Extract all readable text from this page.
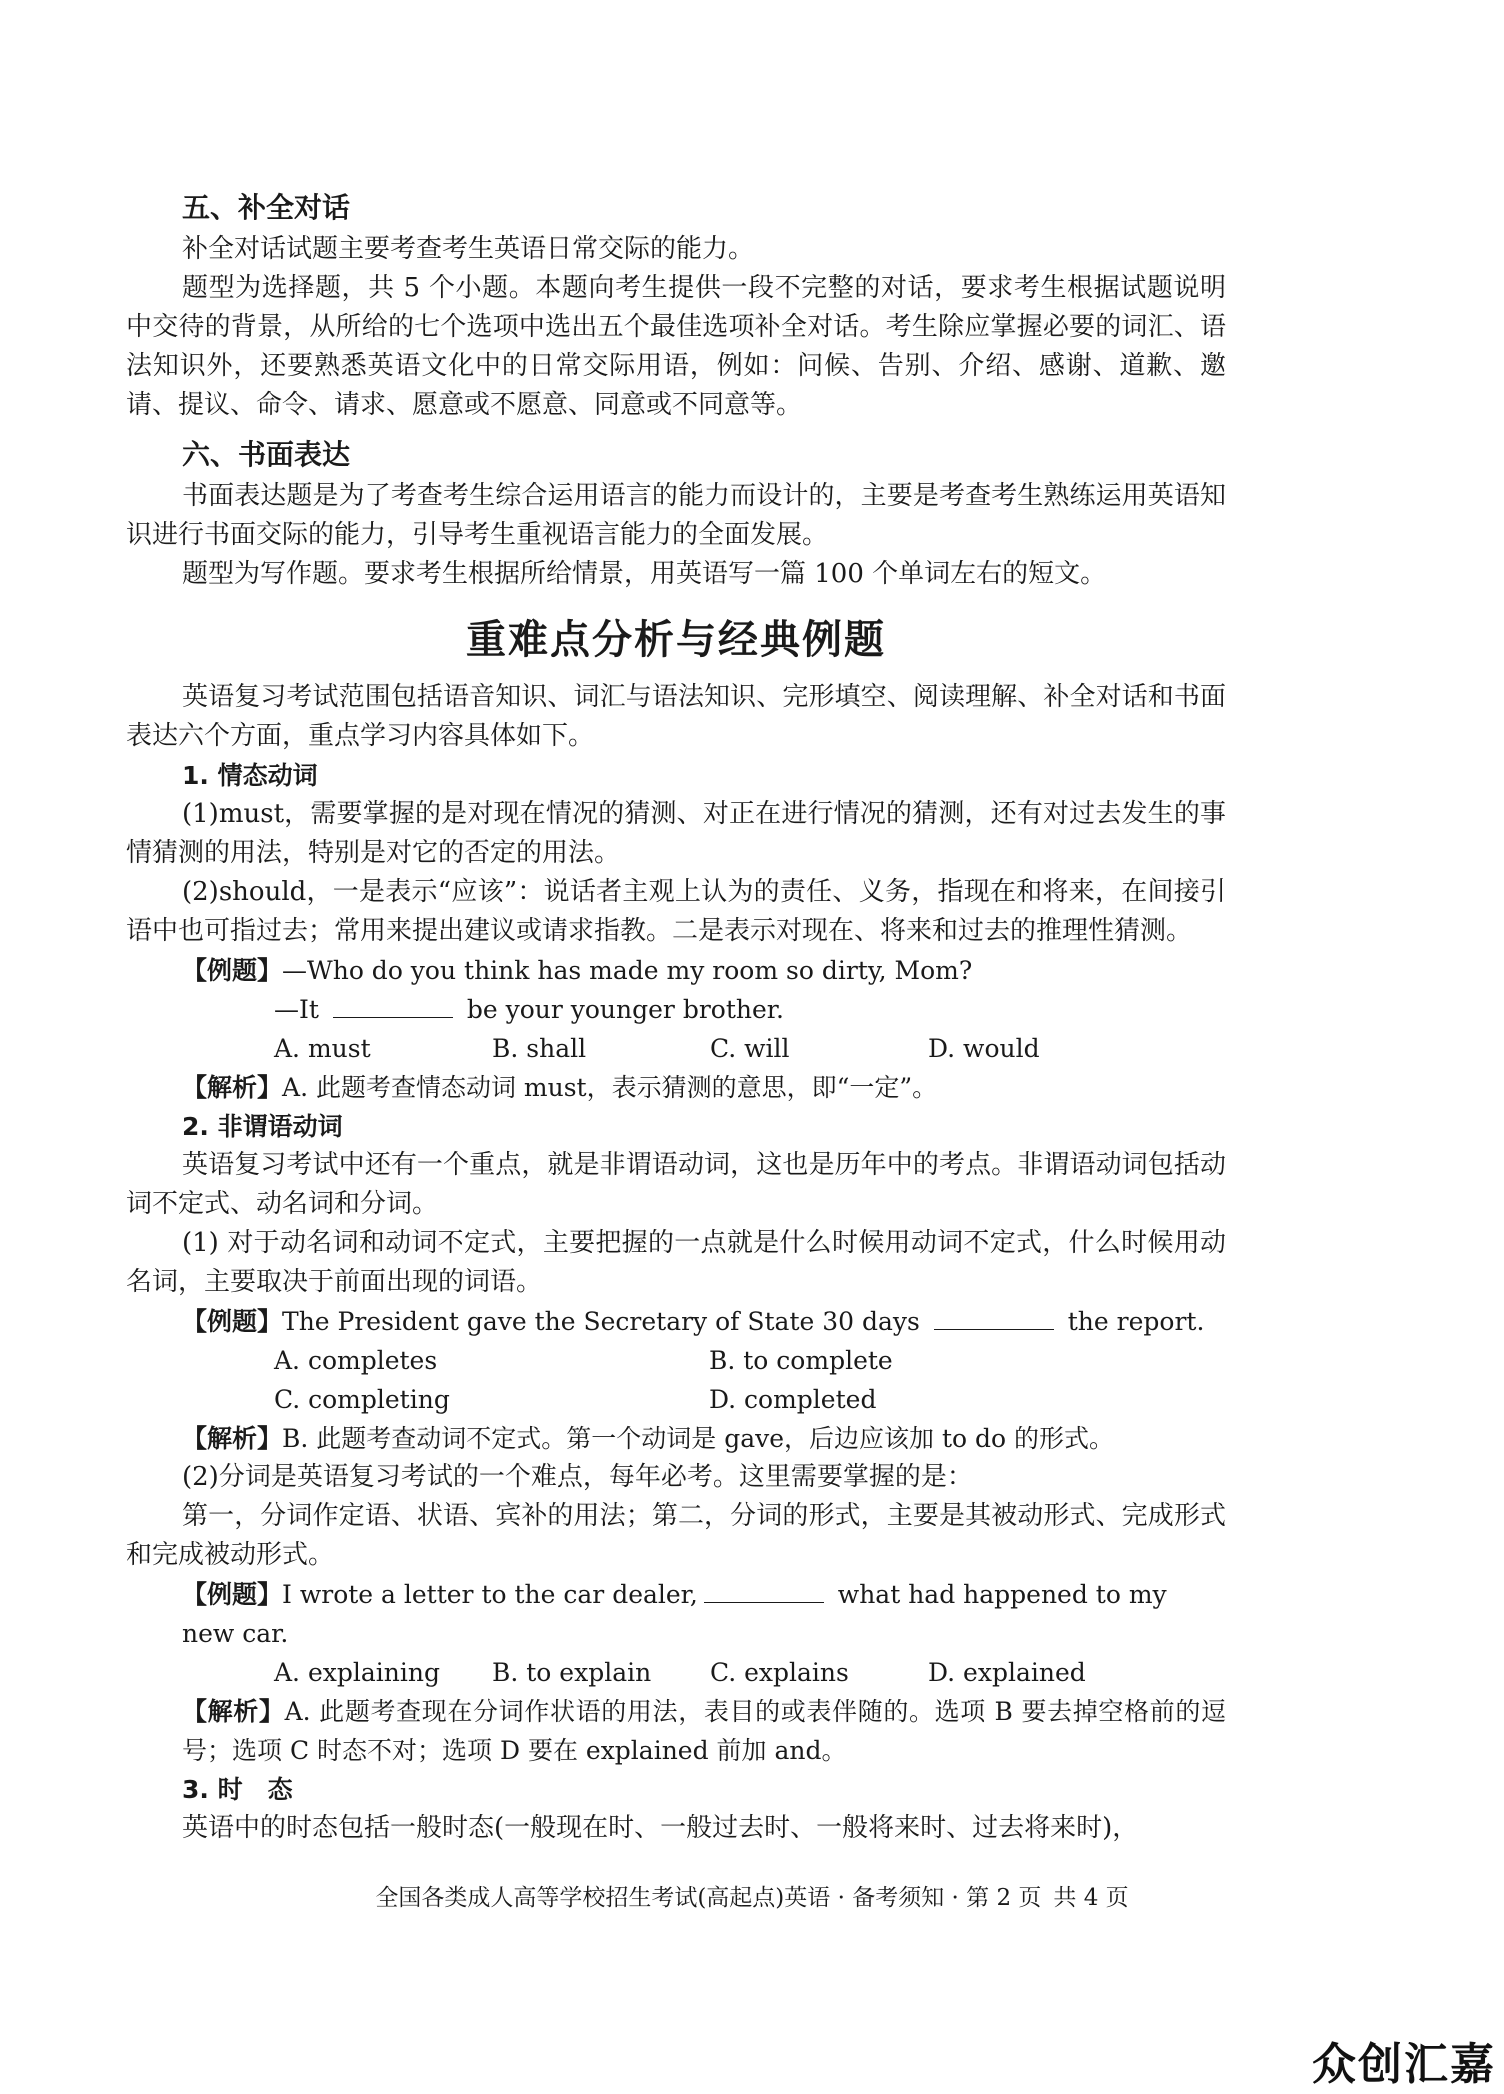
五、补全对话

补全对话试题主要考查考生英语日常交际的能力。

题型为选择题，共 5 个小题。本题向考生提供一段不完整的对话，要求考生根据试题说明中交待的背景，从所给的七个选项中选出五个最佳选项补全对话。考生除应掌握必要的词汇、语法知识外，还要熟悉英语文化中的日常交际用语，例如：问候、告别、介绍、感谢、道歉、邀请、提议、命令、请求、愿意或不愿意、同意或不同意等。

六、书面表达

书面表达题是为了考查考生综合运用语言的能力而设计的，主要是考查考生熟练运用英语知识进行书面交际的能力，引导考生重视语言能力的全面发展。

题型为写作题。要求考生根据所给情景，用英语写一篇 100 个单词左右的短文。

重难点分析与经典例题

英语复习考试范围包括语音知识、词汇与语法知识、完形填空、阅读理解、补全对话和书面表达六个方面，重点学习内容具体如下。

1. 情态动词

(1)must，需要掌握的是对现在情况的猜测、对正在进行情况的猜测，还有对过去发生的事情猜测的用法，特别是对它的否定的用法。

(2)should，一是表示“应该”：说话者主观上认为的责任、义务，指现在和将来，在间接引语中也可指过去；常用来提出建议或请求指教。二是表示对现在、将来和过去的推理性猜测。

【例题】—Who do you think has made my room so dirty, Mom?

—It	be your younger brother.

A. must	B. shall	C. will	D. would

【解析】A. 此题考查情态动词 must，表示猜测的意思，即“一定”。

2. 非谓语动词

英语复习考试中还有一个重点，就是非谓语动词，这也是历年中的考点。非谓语动词包括动词不定式、动名词和分词。

(1) 对于动名词和动词不定式，主要把握的一点就是什么时候用动词不定式，什么时候用动名词，主要取决于前面出现的词语。

【例题】The President gave the Secretary of State 30 days	the report.

A. completes	B. to complete
C. completing	D. completed

【解析】B. 此题考查动词不定式。第一个动词是 gave，后边应该加 to do 的形式。

(2)分词是英语复习考试的一个难点，每年必考。这里需要掌握的是：

第一，分词作定语、状语、宾补的用法；第二，分词的形式，主要是其被动形式、完成形式和完成被动形式。

【例题】I wrote a letter to the car dealer,	what had happened to my new car.

A. explaining	B. to explain	C. explains	D. explained

【解析】A. 此题考查现在分词作状语的用法，表目的或表伴随的。选项 B 要去掉空格前的逗号；选项 C 时态不对；选项 D 要在 explained 前加 and。

3. 时　态

英语中的时态包括一般时态(一般现在时、一般过去时、一般将来时、过去将来时)，

全国各类成人高等学校招生考试(高起点)英语 · 备考须知 · 第 2 页 共 4 页
众创汇嘉
